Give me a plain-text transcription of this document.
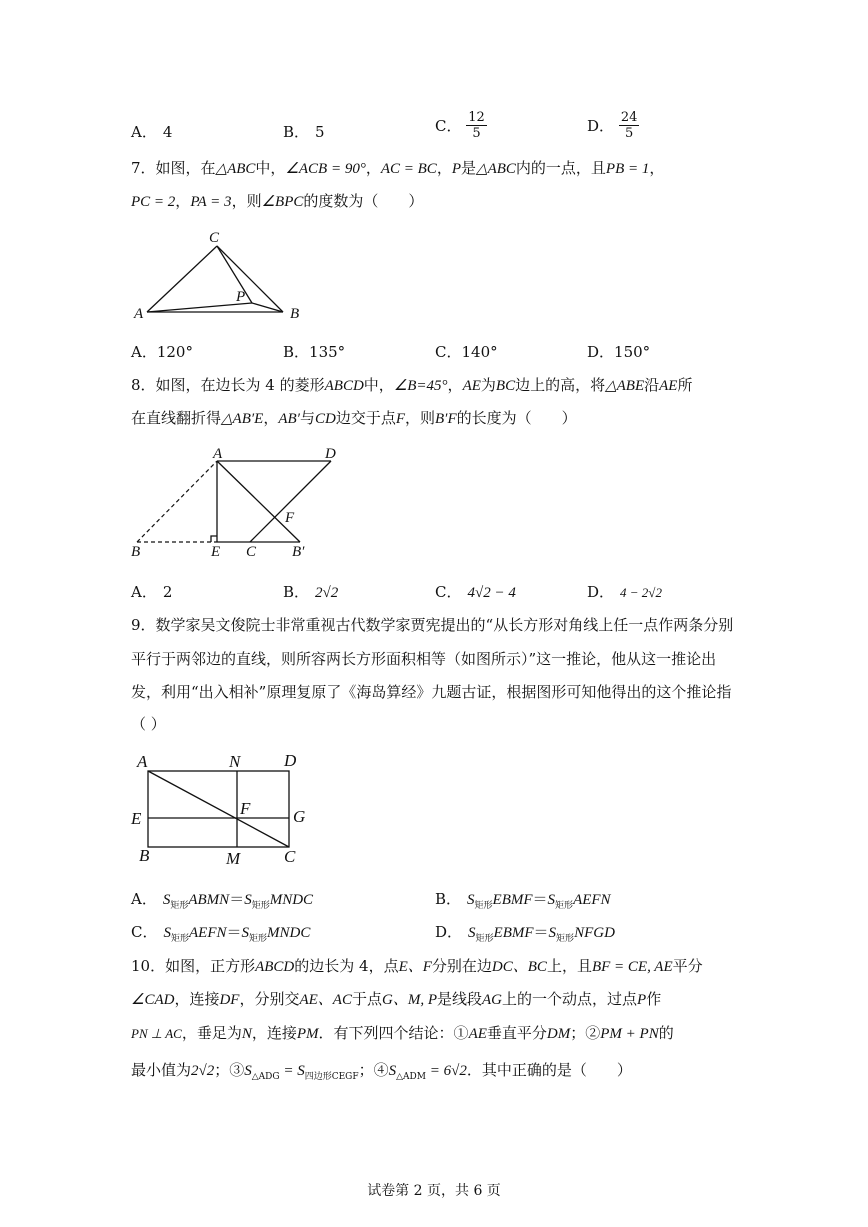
A． 4	B． 5	C． $\frac{12}{5}$	D． $\frac{24}{5}$
7．如图，在△ABC中，∠ACB = 90°，AC = BC，P是△ABC内的一点，且PB = 1，
PC = 2，PA = 3，则∠BPC的度数为（　　）
C
A	B
P
A．120°	B．135°	C．140°	D．150°
8．如图，在边长为 4 的菱形ABCD中，∠B=45°，AE为BC边上的高，将△ABE沿AE所
在直线翻折得△AB′E，AB′与CD边交于点F，则B′F的长度为（　　）
A	D
F
B	E C B′
A． 2	B． 2√2	C． 4√2 − 4	D． 4 − 2√2
9．数学家吴文俊院士非常重视古代数学家贾宪提出的“从长方形对角线上任一点作两条分别
平行于两邻边的直线，则所容两长方形面积相等（如图所示）”这一推论，他从这一推论出
发，利用“出入相补”原理复原了《海岛算经》九题古证，根据图形可知他得出的这个推论指
（ ）
A	N	D
E
F	G
B	M	C
A． $S_{矩形}ABMN=S_{矩形}MNDC$	B． $S_{矩形}EBMF=S_{矩形}AEFN$
C． $S_{矩形}AEFN=S_{矩形}MNDC$	D． $S_{矩形}EBMF=S_{矩形}NFGD$
10．如图，正方形ABCD的边长为 4，点E、F分别在边DC、BC上，且BF = CE, AE平分
∠CAD，连接DF，分别交AE、AC于点G、M, P是线段AG上的一个动点，过点P作
PN ⊥ AC，垂足为N，连接PM．有下列四个结论：①AE垂直平分DM；②PM + PN的
最小值为2√2；$③S_{\triangle ADG} = S_{四边形CEGF}$；$④S_{\triangle ADM} = 6√2$．其中正确的是（　　）
试卷第 2 页，共 6 页
